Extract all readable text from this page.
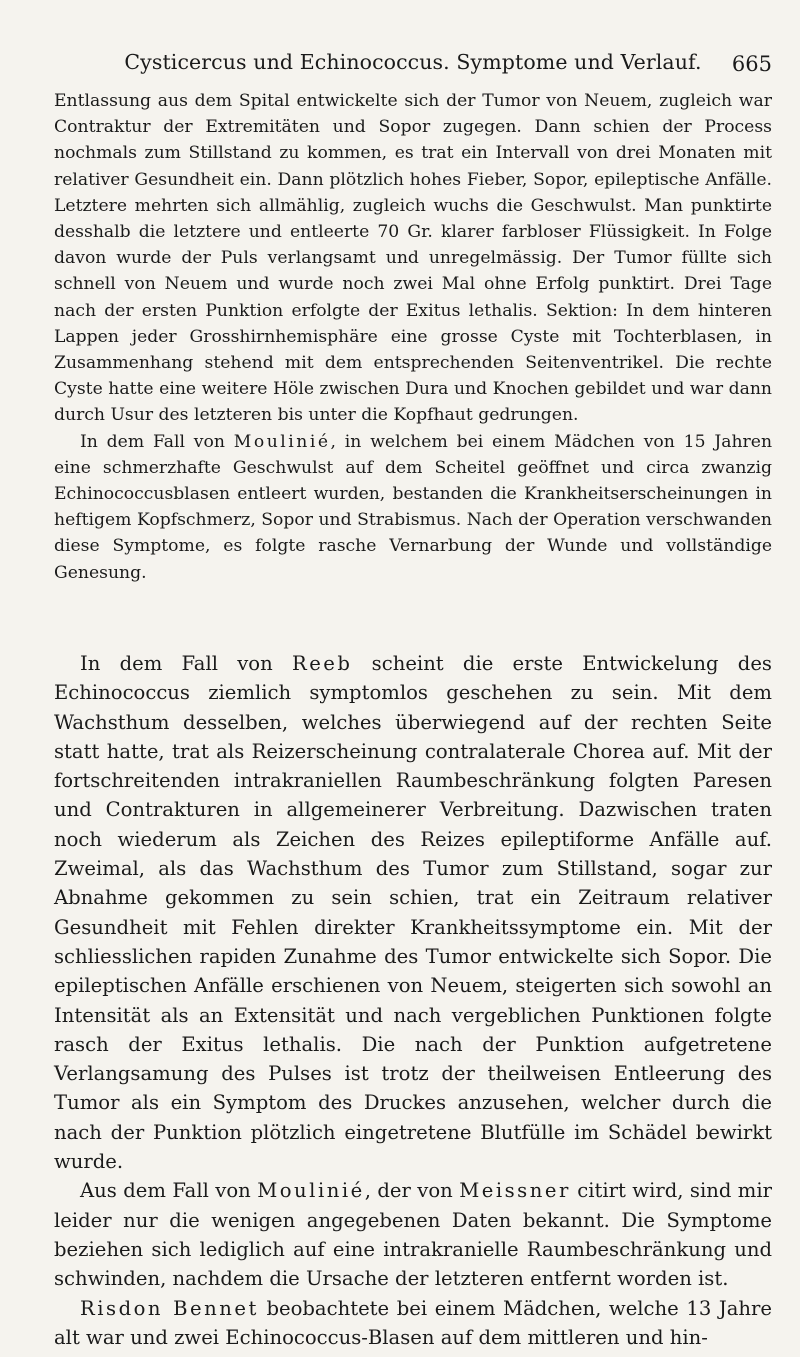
Cysticercus und Echinococcus. Symptome und Verlauf.	665

Entlassung aus dem Spital entwickelte sich der Tumor von Neuem, zugleich war Contraktur der Extremitäten und Sopor zugegen. Dann schien der Process nochmals zum Stillstand zu kommen, es trat ein Intervall von drei Monaten mit relativer Gesundheit ein. Dann plötzlich hohes Fieber, Sopor, epileptische Anfälle. Letztere mehrten sich allmählig, zugleich wuchs die Geschwulst. Man punktirte desshalb die letztere und entleerte 70 Gr. klarer farbloser Flüssigkeit. In Folge davon wurde der Puls verlangsamt und unregelmässig. Der Tumor füllte sich schnell von Neuem und wurde noch zwei Mal ohne Erfolg punktirt. Drei Tage nach der ersten Punktion erfolgte der Exitus lethalis. Sektion: In dem hinteren Lappen jeder Grosshirnhemisphäre eine grosse Cyste mit Tochterblasen, in Zusammenhang stehend mit dem entsprechenden Seitenventrikel. Die rechte Cyste hatte eine weitere Höle zwischen Dura und Knochen gebildet und war dann durch Usur des letzteren bis unter die Kopfhaut gedrungen.

In dem Fall von Moulinié, in welchem bei einem Mädchen von 15 Jahren eine schmerzhafte Geschwulst auf dem Scheitel geöffnet und circa zwanzig Echinococcusblasen entleert wurden, bestanden die Krankheitserscheinungen in heftigem Kopfschmerz, Sopor und Strabismus. Nach der Operation verschwanden diese Symptome, es folgte rasche Vernarbung der Wunde und vollständige Genesung.

In dem Fall von Reeb scheint die erste Entwickelung des Echinococcus ziemlich symptomlos geschehen zu sein. Mit dem Wachsthum desselben, welches überwiegend auf der rechten Seite statt hatte, trat als Reizerscheinung contralaterale Chorea auf. Mit der fortschreitenden intrakraniellen Raumbeschränkung folgten Paresen und Contrakturen in allgemeinerer Verbreitung. Dazwischen traten noch wiederum als Zeichen des Reizes epileptiforme Anfälle auf. Zweimal, als das Wachsthum des Tumor zum Stillstand, sogar zur Abnahme gekommen zu sein schien, trat ein Zeitraum relativer Gesundheit mit Fehlen direkter Krankheitssymptome ein. Mit der schliesslichen rapiden Zunahme des Tumor entwickelte sich Sopor. Die epileptischen Anfälle erschienen von Neuem, steigerten sich sowohl an Intensität als an Extensität und nach vergeblichen Punktionen folgte rasch der Exitus lethalis. Die nach der Punktion aufgetretene Verlangsamung des Pulses ist trotz der theilweisen Entleerung des Tumor als ein Symptom des Druckes anzusehen, welcher durch die nach der Punktion plötzlich eingetretene Blutfülle im Schädel bewirkt wurde.

Aus dem Fall von Moulinié, der von Meissner citirt wird, sind mir leider nur die wenigen angegebenen Daten bekannt. Die Symptome beziehen sich lediglich auf eine intrakranielle Raumbeschränkung und schwinden, nachdem die Ursache der letzteren entfernt worden ist.

Risdon Bennet beobachtete bei einem Mädchen, welche 13 Jahre alt war und zwei Echinococcus-Blasen auf dem mittleren und hin-
